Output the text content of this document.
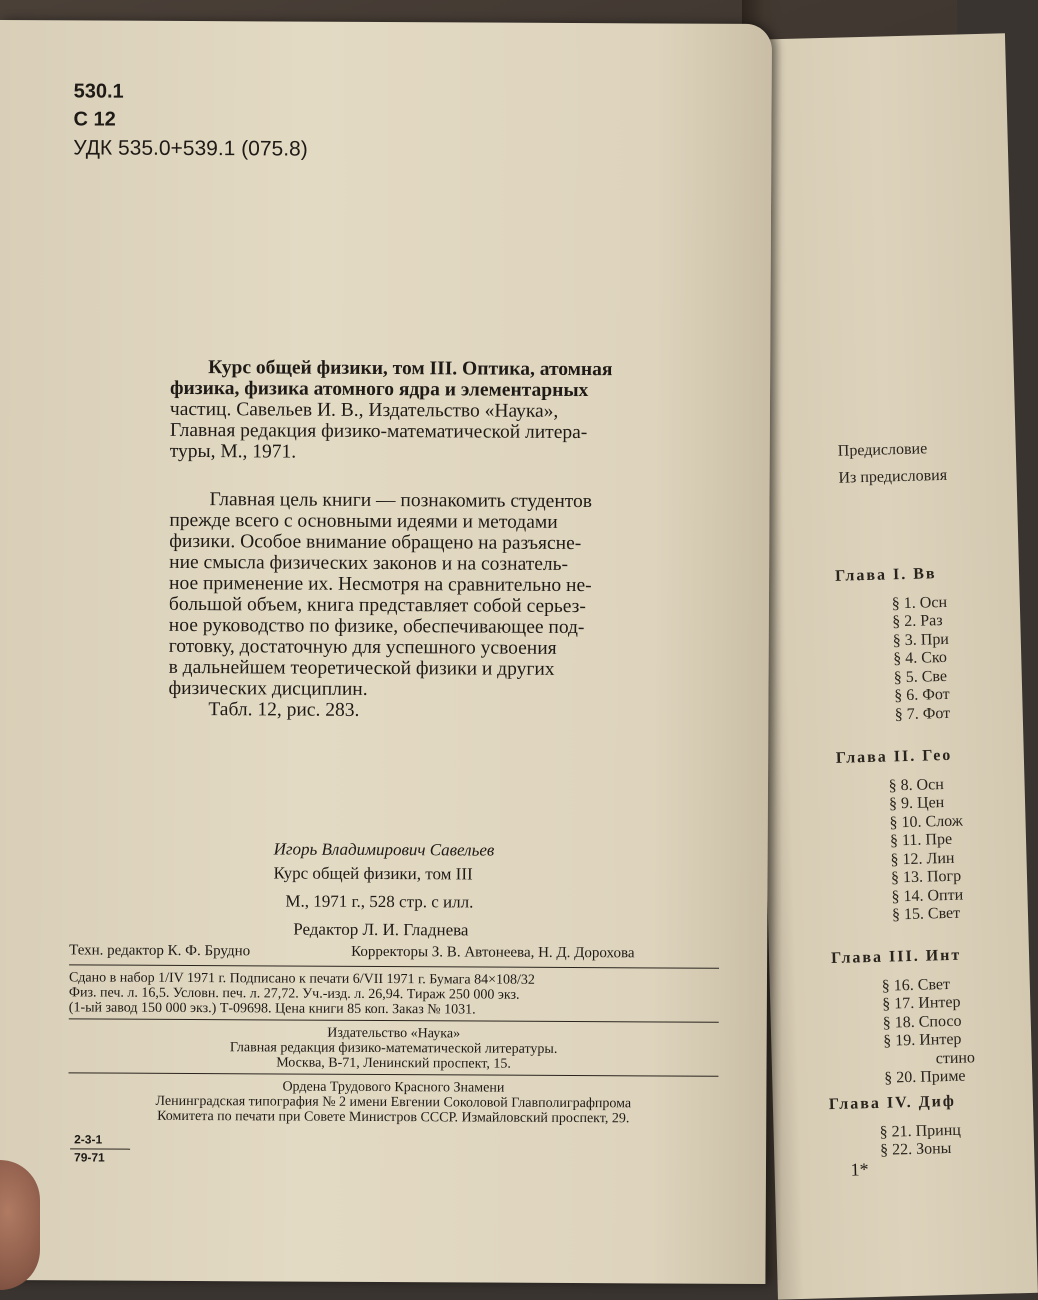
Предисловие
Из предисловия
Глава I. Вв
§ 1. Осн
§ 2. Раз
§ 3. При
§ 4. Ско
§ 5. Све
§ 6. Фот
§ 7. Фот
Глава II. Гео
§ 8. Осн
§ 9. Цен
§ 10. Слож
§ 11. Пре
§ 12. Лин
§ 13. Погр
§ 14. Опти
§ 15. Свет
Глава III. Инт
§ 16. Свет
§ 17. Интер
§ 18. Спосо
§ 19. Интер
стино
§ 20. Приме
Глава IV. Диф
§ 21. Принц
§ 22. Зоны
1*
530.1
С 12
УДК 535.0+539.1 (075.8)
Курс общей физики, том III. Оптика, атомная
физика, физика атомного ядра и элементарных
частиц. Савельев И. В., Издательство «Наука»,
Главная редакция физико-математической литера-
туры, М., 1971.
Главная цель книги — познакомить студентов
прежде всего с основными идеями и методами
физики. Особое внимание обращено на разъясне-
ние смысла физических законов и на сознатель-
ное применение их. Несмотря на сравнительно не-
большой объем, книга представляет собой серьез-
ное руководство по физике, обеспечивающее под-
готовку, достаточную для успешного усвоения
в дальнейшем теоретической физики и других
физических дисциплин.
Табл. 12, рис. 283.
Игорь Владимирович Савельев
Курс общей физики, том III
М., 1971 г., 528 стр. с илл.
Редактор Л. И. Гладнева
Техн. редактор К. Ф. Брудно	Корректоры З. В. Автонеева, Н. Д. Дорохова
Сдано в набор 1/IV 1971 г. Подписано к печати 6/VII 1971 г. Бумага 84×108/32
Физ. печ. л. 16,5. Условн. печ. л. 27,72. Уч.-изд. л. 26,94. Тираж 250 000 экз.
(1-ый завод 150 000 экз.) Т-09698. Цена книги 85 коп. Заказ № 1031.
Издательство «Наука»
Главная редакция физико-математической литературы.
Москва, В-71, Ленинский проспект, 15.
Ордена Трудового Красного Знамени
Ленинградская типография № 2 имени Евгении Соколовой Главполиграфпрома
Комитета по печати при Совете Министров СССР. Измайловский проспект, 29.
2-3-1
79-71
